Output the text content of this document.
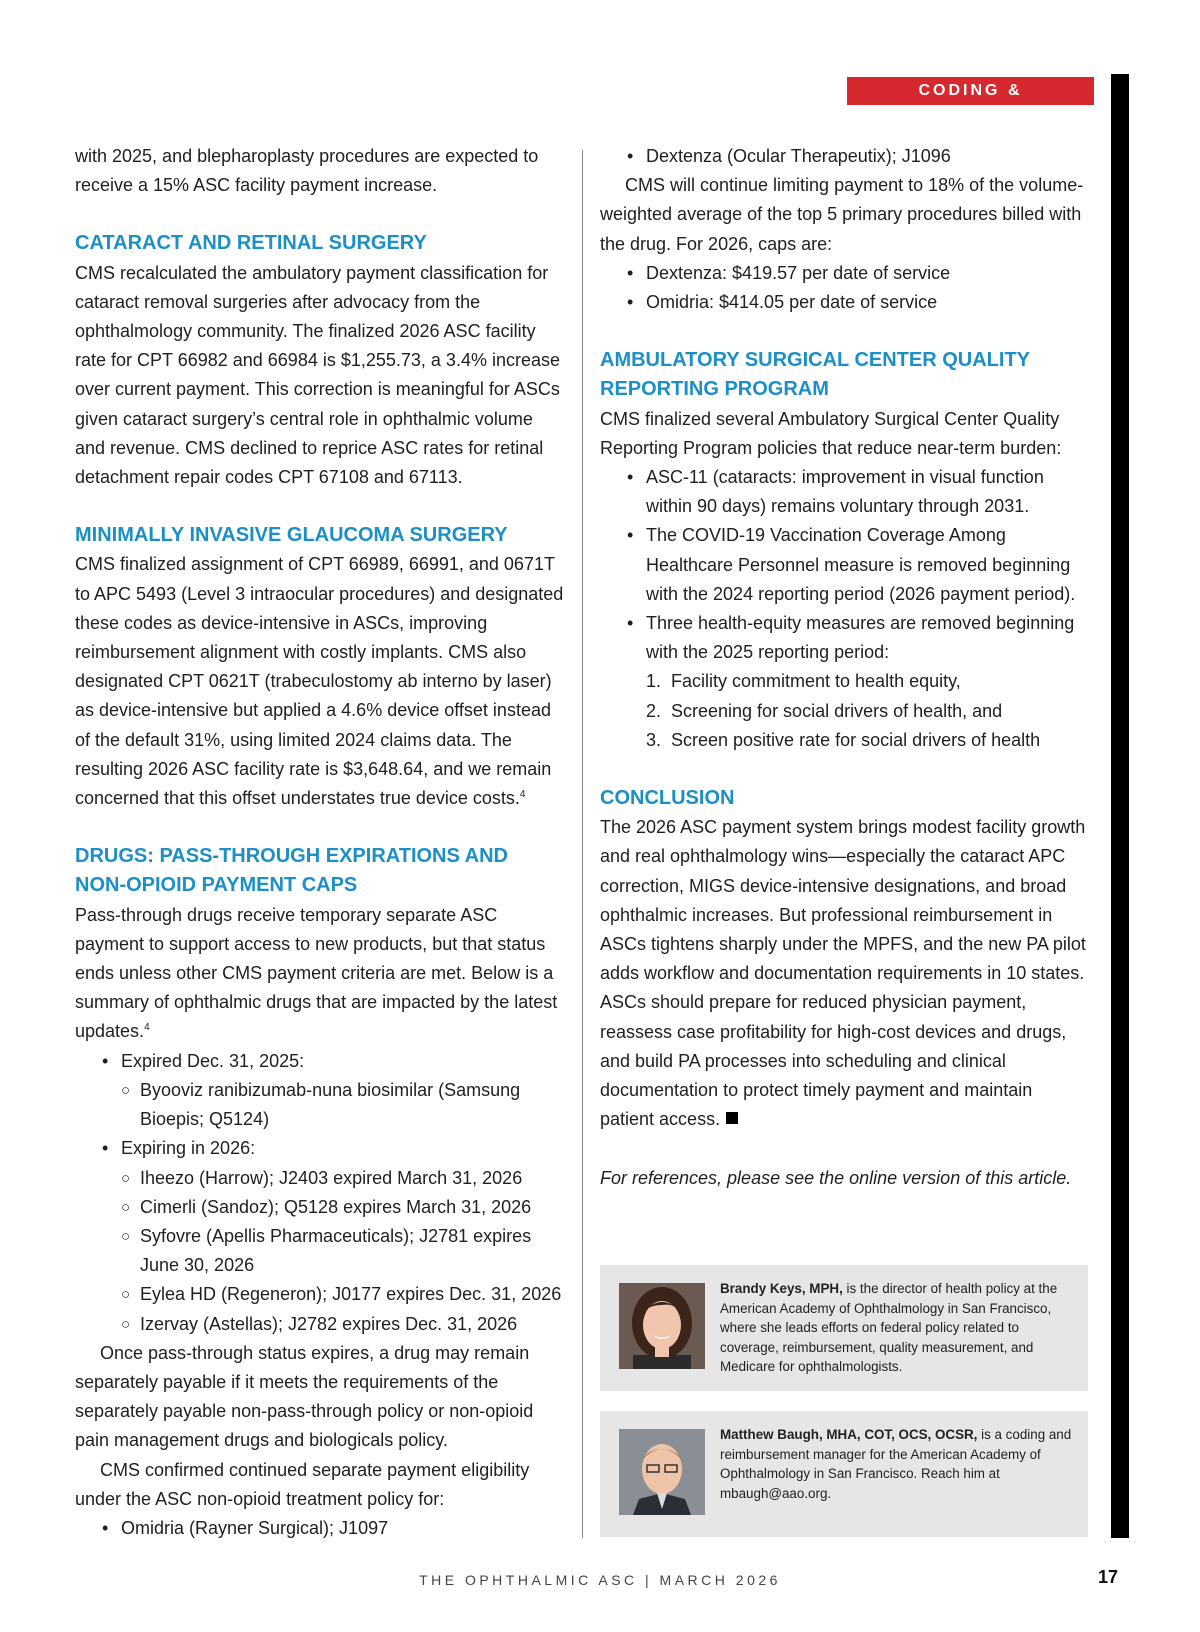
CODING & COMPLIANCE

with 2025, and blepharoplasty procedures are expected to receive a 15% ASC facility payment increase.

CATARACT AND RETINAL SURGERY

CMS recalculated the ambulatory payment classification for cataract removal surgeries after advocacy from the ophthalmology community. The finalized 2026 ASC facility rate for CPT 66982 and 66984 is $1,255.73, a 3.4% increase over current payment. This correction is meaningful for ASCs given cataract surgery’s central role in ophthalmic volume and revenue. CMS declined to reprice ASC rates for retinal detachment repair codes CPT 67108 and 67113.

MINIMALLY INVASIVE GLAUCOMA SURGERY

CMS finalized assignment of CPT 66989, 66991, and 0671T to APC 5493 (Level 3 intraocular procedures) and designated these codes as device-intensive in ASCs, improving reimbursement alignment with costly implants. CMS also designated CPT 0621T (trabeculostomy ab interno by laser) as device-intensive but applied a 4.6% device offset instead of the default 31%, using limited 2024 claims data. The resulting 2026 ASC facility rate is $3,648.64, and we remain concerned that this offset understates true device costs.$^4$

DRUGS: PASS-THROUGH EXPIRATIONS AND
NON-OPIOID PAYMENT CAPS

Pass-through drugs receive temporary separate ASC payment to support access to new products, but that status ends unless other CMS payment criteria are met. Below is a summary of ophthalmic drugs that are impacted by the latest updates.$^4$

• Expired Dec. 31, 2025:
○ Byooviz ranibizumab-nuna biosimilar (Samsung Bioepis; Q5124)
• Expiring in 2026:
○ Iheezo (Harrow); J2403 expired March 31, 2026
○ Cimerli (Sandoz); Q5128 expires March 31, 2026
○ Syfovre (Apellis Pharmaceuticals); J2781 expires June 30, 2026
○ Eylea HD (Regeneron); J0177 expires Dec. 31, 2026
○ Izervay (Astellas); J2782 expires Dec. 31, 2026

Once pass-through status expires, a drug may remain separately payable if it meets the requirements of the separately payable non-pass-through policy or non-opioid pain management drugs and biologicals policy.

CMS confirmed continued separate payment eligibility under the ASC non-opioid treatment policy for:

• Omidria (Rayner Surgical); J1097
• Dextenza (Ocular Therapeutix); J1096

CMS will continue limiting payment to 18% of the volume-weighted average of the top 5 primary procedures billed with the drug. For 2026, caps are:

• Dextenza: $419.57 per date of service
• Omidria: $414.05 per date of service
AMBULATORY SURGICAL CENTER QUALITY
REPORTING PROGRAM

CMS finalized several Ambulatory Surgical Center Quality Reporting Program policies that reduce near-term burden:

• ASC-11 (cataracts: improvement in visual function within 90 days) remains voluntary through 2031.
• The COVID-19 Vaccination Coverage Among Healthcare Personnel measure is removed beginning with the 2024 reporting period (2026 payment period).
• Three health-equity measures are removed beginning with the 2025 reporting period:
1. Facility commitment to health equity,
2. Screening for social drivers of health, and
3. Screen positive rate for social drivers of health
CONCLUSION

The 2026 ASC payment system brings modest facility growth and real ophthalmology wins—especially the cataract APC correction, MIGS device-intensive designations, and broad ophthalmic increases. But professional reimbursement in ASCs tightens sharply under the MPFS, and the new PA pilot adds workflow and documentation requirements in 10 states. ASCs should prepare for reduced physician payment, reassess case profitability for high-cost devices and drugs, and build PA processes into scheduling and clinical documentation to protect timely payment and maintain patient access.

For references, please see the online version of this article.

Brandy Keys, MPH, is the director of health policy at the American Academy of Ophthalmology in San Francisco, where she leads efforts on federal policy related to coverage, reimbursement, quality measurement, and Medicare for ophthalmologists.
Matthew Baugh, MHA, COT, OCS, OCSR, is a coding and reimbursement manager for the American Academy of Ophthalmology in San Francisco. Reach him at mbaugh@aao.org.
THE OPHTHALMIC ASC | MARCH 2026	17
